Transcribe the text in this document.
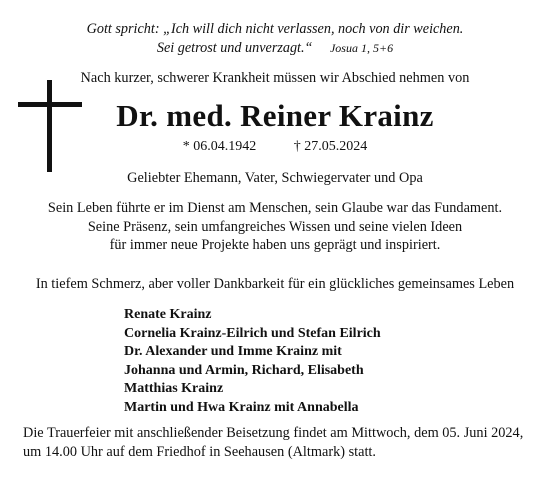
Gott spricht: „Ich will dich nicht verlassen, noch von dir weichen.
Sei getrost und unverzagt.“ Josua 1, 5+6
Nach kurzer, schwerer Krankheit müssen wir Abschied nehmen von
Dr. med. Reiner Krainz
* 06.04.1942	† 27.05.2024
Geliebter Ehemann, Vater, Schwiegervater und Opa
Sein Leben führte er im Dienst am Menschen, sein Glaube war das Fundament.
Seine Präsenz, sein umfangreiches Wissen und seine vielen Ideen
für immer neue Projekte haben uns geprägt und inspiriert.
In tiefem Schmerz, aber voller Dankbarkeit für ein glückliches gemeinsames Leben
Renate Krainz
Cornelia Krainz-Eilrich und Stefan Eilrich
Dr. Alexander und Imme Krainz mit
Johanna und Armin, Richard, Elisabeth
Matthias Krainz
Martin und Hwa Krainz mit Annabella
Die Trauerfeier mit anschließender Beisetzung findet am Mittwoch, dem 05. Juni 2024,
um 14.00 Uhr auf dem Friedhof in Seehausen (Altmark) statt.
